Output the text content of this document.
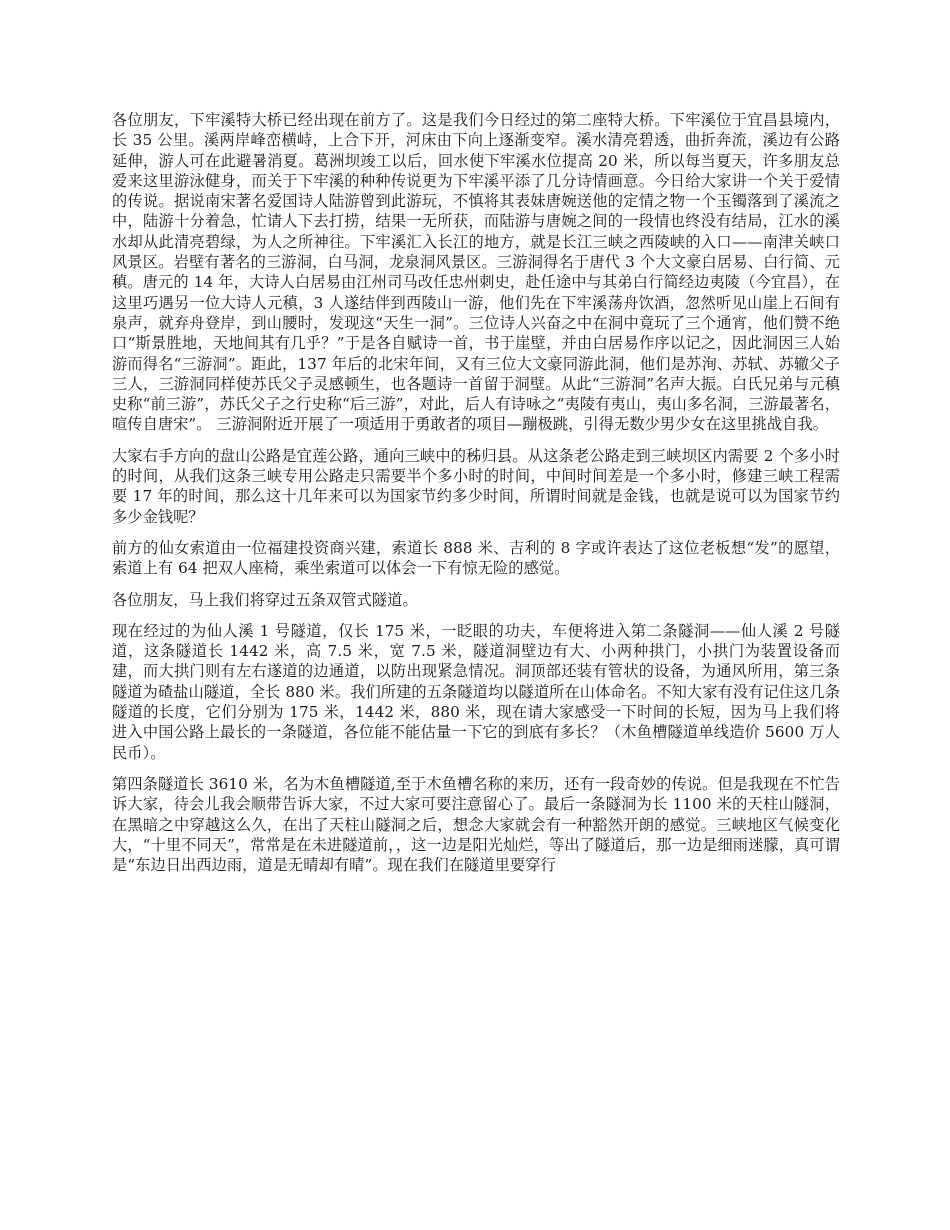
各位朋友，下牢溪特大桥已经出现在前方了。这是我们今日经过的第二座特大桥。下牢溪位于宜昌县境内，长 35 公里。溪两岸峰峦横峙，上合下开，河床由下向上逐渐变窄。溪水清亮碧透，曲折奔流，溪边有公路延伸，游人可在此避暑消夏。葛洲坝竣工以后，回水使下牢溪水位提高 20 米，所以每当夏天，许多朋友总爱来这里游泳健身，而关于下牢溪的种种传说更为下牢溪平添了几分诗情画意。今日给大家讲一个关于爱情的传说。据说南宋著名爱国诗人陆游曾到此游玩，不慎将其表妹唐婉送他的定情之物一个玉镯落到了溪流之中，陆游十分着急，忙请人下去打捞，结果一无所获，而陆游与唐婉之间的一段情也终没有结局，江水的溪水却从此清亮碧绿，为人之所神往。下牢溪汇入长江的地方，就是长江三峡之西陵峡的入口——南津关峡口风景区。岩壁有著名的三游洞，白马洞，龙泉洞风景区。三游洞得名于唐代 3 个大文豪白居易、白行简、元稹。唐元的 14 年，大诗人白居易由江州司马改任忠州刺史，赴任途中与其弟白行简经边夷陵（今宜昌），在这里巧遇另一位大诗人元稹，3 人遂结伴到西陵山一游，他们先在下牢溪荡舟饮酒，忽然听见山崖上石间有泉声，就弃舟登岸，到山腰时，发现这“天生一洞”。三位诗人兴奋之中在洞中竟玩了三个通宵，他们赞不绝口“斯景胜地，天地间其有几乎？”于是各自赋诗一首，书于崖壁，并由白居易作序以记之，因此洞因三人始游而得名“三游洞”。距此，137 年后的北宋年间，又有三位大文豪同游此洞，他们是苏洵、苏轼、苏辙父子三人，三游洞同样使苏氏父子灵感顿生，也各题诗一首留于洞壁。从此“三游洞”名声大振。白氏兄弟与元稹史称“前三游”，苏氏父子之行史称“后三游”，对此，后人有诗咏之“夷陵有夷山，夷山多名洞，三游最著名，喧传自唐宋”。 三游洞附近开展了一项适用于勇敢者的项目—蹦极跳，引得无数少男少女在这里挑战自我。

大家右手方向的盘山公路是宜莲公路，通向三峡中的秭归县。从这条老公路走到三峡坝区内需要 2 个多小时的时间，从我们这条三峡专用公路走只需要半个多小时的时间，中间时间差是一个多小时，修建三峡工程需要 17 年的时间，那么这十几年来可以为国家节约多少时间，所谓时间就是金钱，也就是说可以为国家节约多少金钱呢？

前方的仙女索道由一位福建投资商兴建，索道长 888 米、吉利的 8 字或许表达了这位老板想“发”的愿望，索道上有 64 把双人座椅，乘坐索道可以体会一下有惊无险的感觉。

各位朋友，马上我们将穿过五条双管式隧道。

现在经过的为仙人溪 1 号隧道，仅长 175 米，一眨眼的功夫，车便将进入第二条隧洞——仙人溪 2 号隧道，这条隧道长 1442 米，高 7.5 米，宽 7.5 米，隧道洞壁边有大、小两种拱门，小拱门为装置设备而建，而大拱门则有左右遂道的边通道，以防出现紧急情况。洞顶部还装有管状的设备，为通风所用，第三条隧道为碴盐山隧道，全长 880 米。我们所建的五条隧道均以隧道所在山体命名。不知大家有没有记住这几条隧道的长度，它们分别为 175 米，1442 米，880 米，现在请大家感受一下时间的长短，因为马上我们将进入中国公路上最长的一条隧道，各位能不能估量一下它的到底有多长？（木鱼槽隧道单线造价 5600 万人民币）。

第四条隧道长 3610 米，名为木鱼槽隧道,至于木鱼槽名称的来历，还有一段奇妙的传说。但是我现在不忙告诉大家，待会儿我会顺带告诉大家，不过大家可要注意留心了。最后一条隧洞为长 1100 米的天柱山隧洞，在黑暗之中穿越这么久，在出了天柱山隧洞之后，想念大家就会有一种豁然开朗的感觉。三峡地区气候变化大，“十里不同天”，常常是在未进隧道前，，这一边是阳光灿烂，等出了隧道后，那一边是细雨迷朦，真可谓是“东边日出西边雨，道是无晴却有晴”。现在我们在隧道里要穿行
